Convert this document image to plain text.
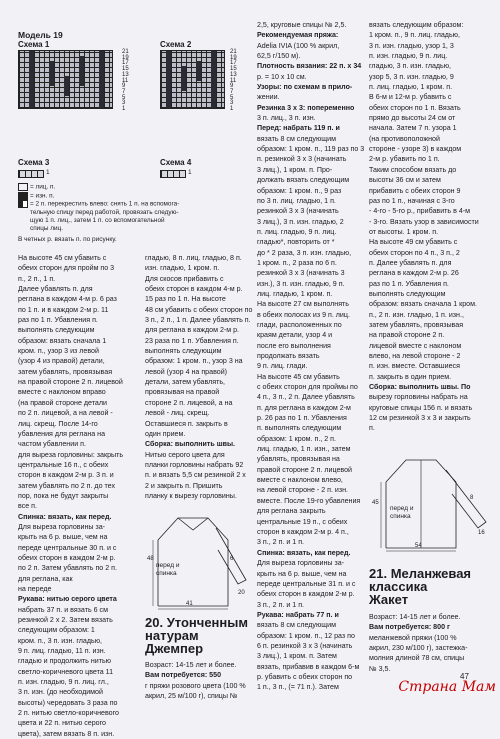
Модель 19
Схема 1
21
19
17
15
13
11
9
7
5
3
1
Схема 2
21
19
17
15
13
11
9
7
5
3
1
Схема 3
1
Схема 4
1
= лиц. п.
= изн. п.
= 2 п. перекрестить влево: снять 1 п. на вспомога-
тельную спицу перед работой, провязать следую-
щую 1 п. лиц., затем 1 п. со вспомогательной
спицы лиц.
В четных р. вязать п. по рисунку.

На высоте 45 см убавить с

обеих сторон для пройм по 3

п., 2 п., 1 п.

Далее убавлять п. для

реглана в каждом 4-м р. 6 раз

по 1 п. и в каждом 2-м р. 11

раз по 1 п. Убавления п.

выполнять следующим

образом: вязать сначала 1

кром. п., узор 3 из левой

(узор 4 из правой) детали,

затем убавлять, провязывая

на правой стороне 2 п. лицевой

вместе с наклоном вправо

(на правой стороне детали

по 2 п. лицевой, а на левой -

лиц. скрещ. После 14-го

убавления для реглана на

частом убавлении п.

для выреза горловины: закрыть

центральные 16 п., с обеих

сторон в каждом 2-м р. 3 п. и

затем убавлять по 2 п. до тех

пор, пока не будут закрыты

все п.

Спинка: вязать, как перед.

Для выреза горловины за-

крыть на 6 р. выше, чем на

переде центральные 30 п. и с

обеих сторон в каждом 2-м р.

по 2 п. Затем убавлять по 2 п.

для реглана, как

на переде

Рукава: нитью серого цвета

набрать 37 п. и вязать 6 см

резинкой 2 х 2. Затем вязать

следующим образом: 1

кром. п., 3 п. изн. гладью,

9 п. лиц. гладью, 11 п. изн.

гладью и продолжить нитью

светло-коричневого цвета 11

п. изн. гладью, 9 п. лиц. гл.,

3 п. изн. (до необходимой

высоты) чередовать 3 раза по

2 п. нитью светло-коричневого

цвета и 22 п. нитью серого

цвета), затем вязать 8 п. изн.

гладью, 8 п. лиц. гладью, 8 п.

изн. гладью, 1 кром. п.

Для скосов прибавить с

обеих сторон в каждом 4-м р.

15 раз по 1 п. На высоте

48 см убавить с обеих сторон по

3 п., 2 п., 1 п. Далее убавлять п.

для реглана в каждом 2-м р.

23 раза по 1 п. Убавления п.

выполнять следующим

образом: 1 кром. п., узор 3 на

левой (узор 4 на правой)

детали, затем убавлять,

провязывая на правой

стороне 2 п. лицевой, а на

левой - лиц. скрещ.

Оставшиеся п. закрыть в

один прием.

Сборка: выполнить швы.

Нитью серого цвета для

планки горловины набрать 92

п. и вязать 5,5 см резинкой 2 х

2 и закрыть п. Пришить

планку к вырезу горловины.

перед и
спинка
48	6
41
20
20. Утонченным
натурам
Джемпер

Возраст: 14-15 лет и более.

Вам потребуется: 550

г пряжи розового цвета (100 %

акрил, 25 м/100 г), спицы №

2,5, круговые спицы № 2,5.

Рекомендуемая пряжа:

Adelia IVIA (100 % акрил,

62,5 г/150 м).

Плотность вязания: 22 п. х 34

р. = 10 х 10 см.

Узоры: по схемам в прило-

жении.

Резинка 3 х 3: попеременно

3 п. лиц., 3 п. изн.

Перед: набрать 119 п. и

вязать 8 см следующим

образом: 1 кром. п., 119 раз по 3

п. резинкой 3 х 3 (начинать

3 лиц.), 1 кром. п. Про-

должать вязать следующим

образом: 1 кром. п., 9 раз

по 3 п. лиц. гладью, 1 п.

резинкой 3 х 3 (начинать

3 лиц.), 3 п. изн. гладью, 2

п. лиц. гладью, 9 п. лиц.

гладью*, повторить от *

до * 2 раза, 3 п. изн. гладью,

1 кром. п., 2 раза по 6 п.

резинкой 3 х 3 (начинать 3

изн.), 3 п. изн. гладью, 9 п.

лиц. гладью, 1 кром. п.

На высоте 27 см выполнять

в обеих полосах из 9 п. лиц.

глади, расположенных по

краям детали, узор 4 и

после его выполнения

продолжать вязать

9 п. лиц. глади.

На высоте 45 см убавить

с обеих сторон для проймы по

4 п., 3 п., 2 п. Далее убавлять

п. для реглана в каждом 2-м

р. 26 раз по 1 п. Убавления

п. выполнять следующим

образом: 1 кром. п., 2 п.

лиц. гладью, 1 п. изн., затем

убавлять, провязывая на

правой стороне 2 п. лицевой

вместе с наклоном влево,

на левой стороне - 2 п. изн.

вместе. После 19-го убавления

для реглана закрыть

центральные 19 п., с обеих

сторон в каждом 2-м р. 4 п.,

3 п., 2 п. и 1 п.

Спинка: вязать, как перед.

Для выреза горловины за-

крыть на 6 р. выше, чем на

переде центральные 31 п. и с

обеих сторон в каждом 2-м р.

3 п., 2 п. и 1 п.

Рукава: набрать 77 п. и

вязать 8 см следующим

образом: 1 кром. п., 12 раз по

6 п. резинкой 3 х 3 (начинать

3 лиц.), 1 кром. п. Затем

вязать, прибавив в каждом 6-м

р. убавить с обеих сторон по

1 п., 3 п., (= 71 п.). Затем

вязать следующим образом:

1 кром. п., 9 п. лиц. гладью,

3 п. изн. гладью, узор 1, 3

п. изн. гладью, 9 п. лиц.

гладью, 3 п. изн. гладью,

узор 5, 3 п. изн. гладью, 9

п. лиц. гладью, 1 кром. п.

В 6-м и 12-м р. убавить с

обеих сторон по 1 п. Вязать

прямо до высоты 24 см от

начала. Затем 7 п. узора 1

(на противоположной

стороне - узоре 3) в каждом

2-м р. убавить по 1 п.

Таким способом вязать до

высоты 36 см и затем

прибавить с обеих сторон 9

раз по 1 п., начиная с 3-го

- 4-го - 5-го р., прибавить в 4-м

- 3-го. Вязать узор в зависимости

от высоты. 1 кром. п.

На высоте 49 см убавить с

обеих сторон по 4 п., 3 п., 2

п. Далее убавлять п. для

реглана в каждом 2-м р. 26

раз по 1 п. Убавления п.

выполнять следующим

образом: вязать сначала 1 кром.

п., 2 п. изн. гладью, 1 п. изн.,

затем убавлять, провязывая

на правой стороне 2 п.

лицевой вместе с наклоном

влево, на левой стороне - 2

п. изн. вместе. Оставшиеся

п. закрыть в один прием.

Сборка: выполнить швы. По

вырезу горловины набрать на

круговые спицы 156 п. и вязать

12 см резинкой 3 х 3 и закрыть

п.

перед и
спинка
45
8
54
16
21. Меланжевая
классика
Жакет

Возраст: 14-15 лет и более.

Вам потребуется: 800 г

меланжевой пряжи (100 %

акрил, 230 м/100 г), застежка-

молния длиной 78 см, спицы

№ 3,5.

47
Страна Мам
